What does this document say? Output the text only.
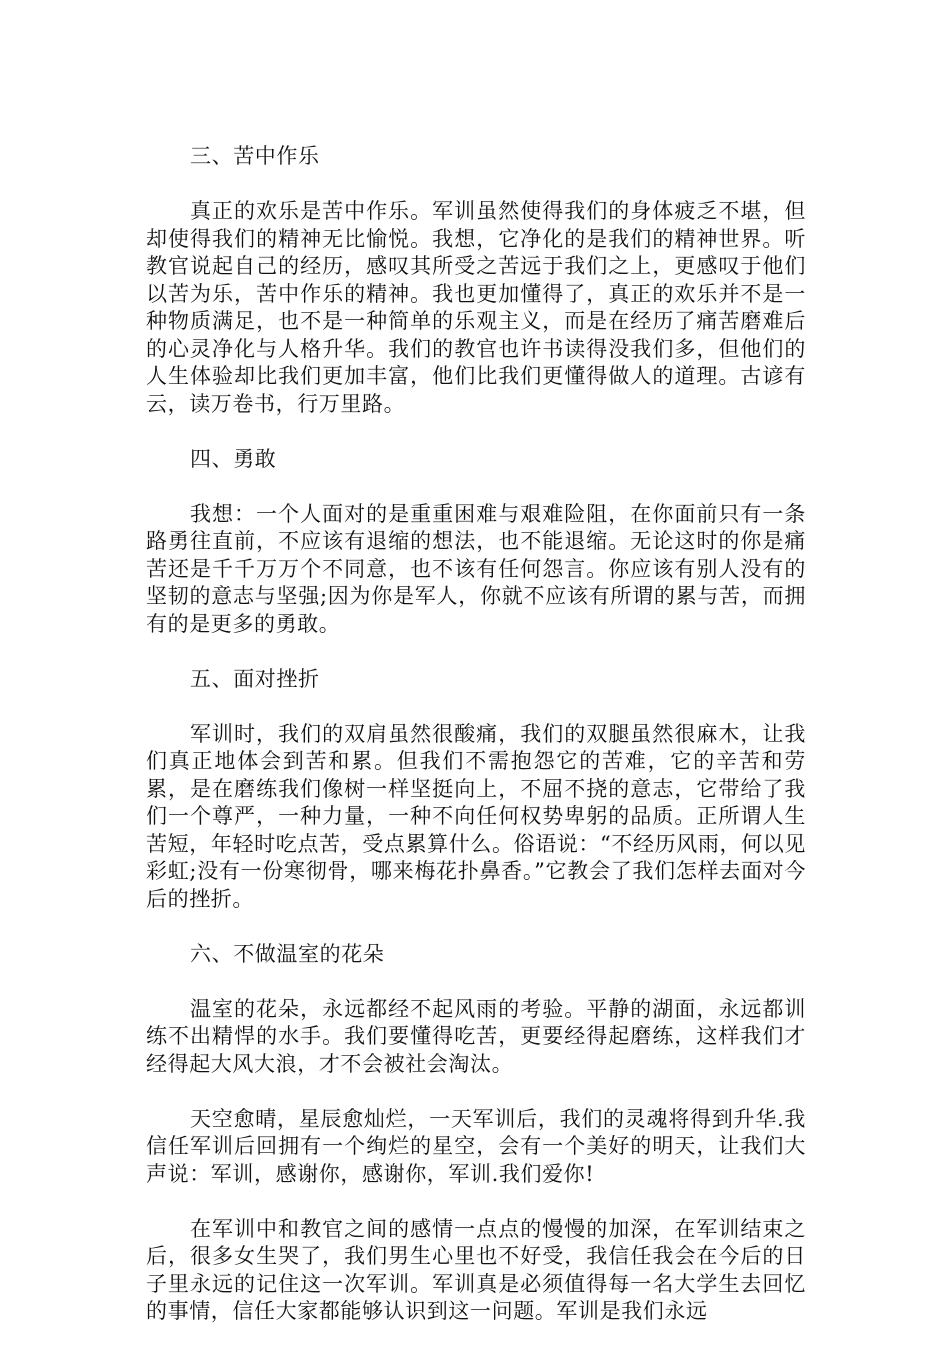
三、苦中作乐

真正的欢乐是苦中作乐。军训虽然使得我们的身体疲乏不堪，但却使得我们的精神无比愉悦。我想，它净化的是我们的精神世界。听教官说起自己的经历，感叹其所受之苦远于我们之上，更感叹于他们以苦为乐，苦中作乐的精神。我也更加懂得了，真正的欢乐并不是一种物质满足，也不是一种简单的乐观主义，而是在经历了痛苦磨难后的心灵净化与人格升华。我们的教官也许书读得没我们多，但他们的人生体验却比我们更加丰富，他们比我们更懂得做人的道理。古谚有云，读万卷书，行万里路。

四、勇敢

我想：一个人面对的是重重困难与艰难险阻，在你面前只有一条路勇往直前，不应该有退缩的想法，也不能退缩。无论这时的你是痛苦还是千千万万个不同意，也不该有任何怨言。你应该有别人没有的坚韧的意志与坚强;因为你是军人，你就不应该有所谓的累与苦，而拥有的是更多的勇敢。

五、面对挫折

军训时，我们的双肩虽然很酸痛，我们的双腿虽然很麻木，让我们真正地体会到苦和累。但我们不需抱怨它的苦难，它的辛苦和劳累，是在磨练我们像树一样坚挺向上，不屈不挠的意志，它带给了我们一个尊严，一种力量，一种不向任何权势卑躬的品质。正所谓人生苦短，年轻时吃点苦，受点累算什么。俗语说：“不经历风雨，何以见彩虹;没有一份寒彻骨，哪来梅花扑鼻香。”它教会了我们怎样去面对今后的挫折。

六、不做温室的花朵

温室的花朵，永远都经不起风雨的考验。平静的湖面，永远都训练不出精悍的水手。我们要懂得吃苦，更要经得起磨练，这样我们才经得起大风大浪，才不会被社会淘汰。

天空愈晴，星辰愈灿烂，一天军训后，我们的灵魂将得到升华.我信任军训后回拥有一个绚烂的星空，会有一个美好的明天，让我们大声说：军训，感谢你，感谢你，军训.我们爱你!

在军训中和教官之间的感情一点点的慢慢的加深，在军训结束之后，很多女生哭了，我们男生心里也不好受，我信任我会在今后的日子里永远的记住这一次军训。军训真是必须值得每一名大学生去回忆的事情，信任大家都能够认识到这一问题。军训是我们永远
